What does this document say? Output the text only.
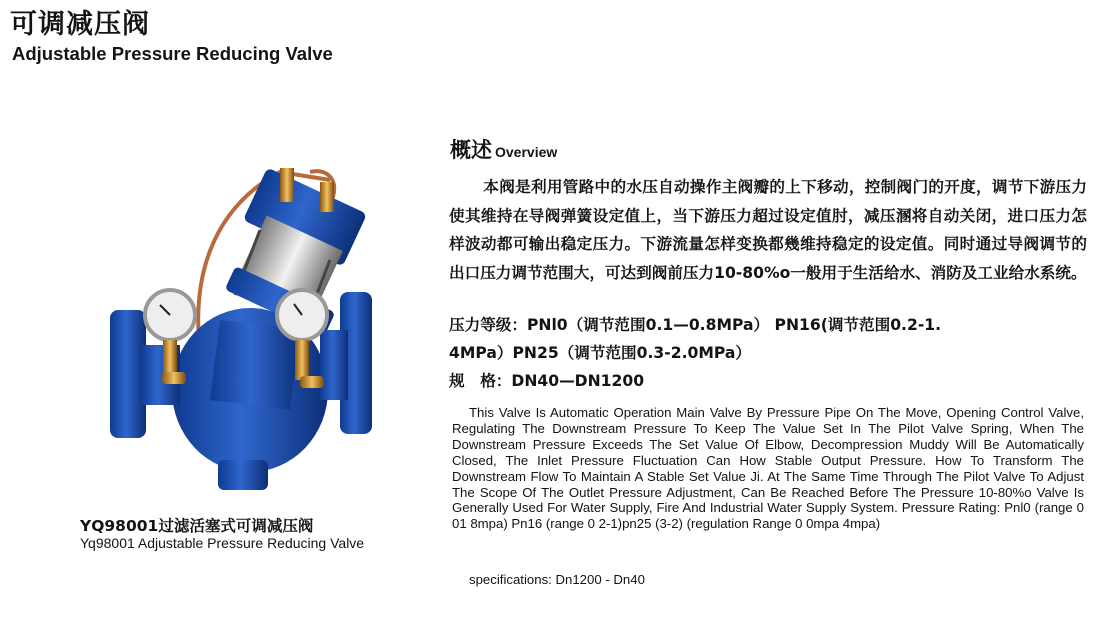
可调减压阀
Adjustable Pressure Reducing Valve
YQ98001过滤活塞式可调减压阀
Yq98001 Adjustable Pressure Reducing Valve
概述 Overview

本阀是利用管路中的水压自动操作主阀瓣的上下移动，控制阀门的开度，调节下游压力使其维持在导阀弹簧设定值上，当下游压力超过设定值肘，减压溷将自动关闭，进口压力怎样波动都可输出稳定压力。下游流量怎样变换都幾维持稳定的设定值。同时通过导阀调节的出口压力调节范围大，可达到阀前压力10-80%o一般用于生活给水、消防及工业给水系统。

压力等级：PNl0（调节范围0.1—0.8MPa） PN16(调节范围0.2-1.

4MPa）PN25（调节范围0.3-2.0MPa）

规　格：DN40—DN1200

This Valve Is Automatic Operation Main Valve By Pressure Pipe On The Move, Opening Control Valve, Regulating The Downstream Pressure To Keep The Value Set In The Pilot Valve Spring, When The Downstream Pressure Exceeds The Set Value Of Elbow, Decompression Muddy Will Be Automatically Closed, The Inlet Pressure Fluctuation Can How Stable Output Pressure. How To Transform The Downstream Flow To Maintain A Stable Set Value Ji. At The Same Time Through The Pilot Valve To Adjust The Scope Of The Outlet Pressure Adjustment, Can Be Reached Before The Pressure 10-80%o Valve Is Generally Used For Water Supply, Fire And Industrial Water Supply System. Pressure Rating: Pnl0 (range 0 01 8mpa) Pn16 (range 0 2-1)pn25 (3-2) (regulation Range 0 0mpa 4mpa)

specifications: Dn1200 - Dn40
